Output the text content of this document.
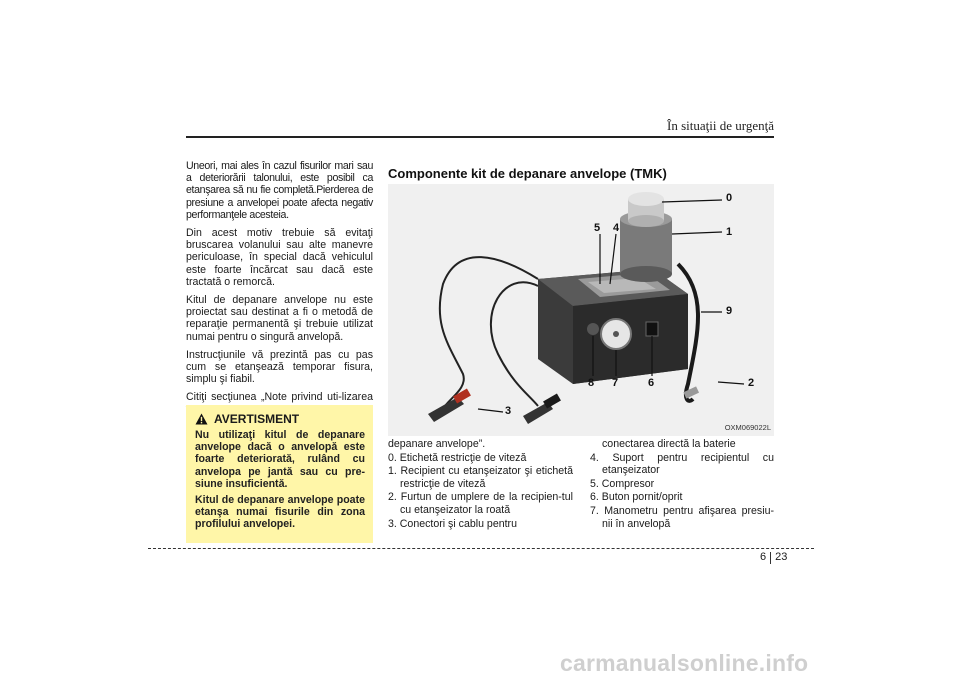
În situaţii de urgenţă

Uneori, mai ales în cazul fisurilor mari sau a deteriorării talonului, este posibil ca etanşarea să nu fie completă.Pierderea de presiune a anvelopei poate afecta negativ performanţele acesteia.

Din acest motiv trebuie să evitaţi bruscarea volanului sau alte manevre periculoase, în special dacă vehiculul este foarte încărcat sau dacă este tractată o remorcă.

Kitul de depanare anvelope nu este proiectat sau destinat a fi o metodă de reparaţie permanentă şi trebuie utilizat numai pentru o singură anvelopă.

Instrucţiunile vă prezintă pas cu pas cum se etanşează temporar fisura, simplu şi fiabil.

Citiţi secţiunea „Note privind uti-lizarea

AVERTISMENT

Nu utilizaţi kitul de depanare anvelope dacă o anvelopă este foarte deteriorată, rulând cu anvelopa pe jantă sau cu pre-siune insuficientă.

Kitul de depanare anvelope poate etanşa numai fisurile din zona profilului anvelopei.

Componente kit de depanare anvelope (TMK)
0
1
2
3
4
5
6
7
8
9
OXM069022L
depanare anvelope”.
0. Etichetă restricţie de viteză
1. Recipient cu etanşeizator şi etichetă restricţie de viteză
2. Furtun de umplere de la recipien-tul cu etanşeizator la roată
3. Conectori şi cablu pentru
conectarea directă la baterie
4. Suport pentru recipientul cu etanşeizator
5. Compresor
6. Buton pornit/oprit
7. Manometru pentru afişarea presiu-nii în anvelopă
6 23
carmanualsonline.info
